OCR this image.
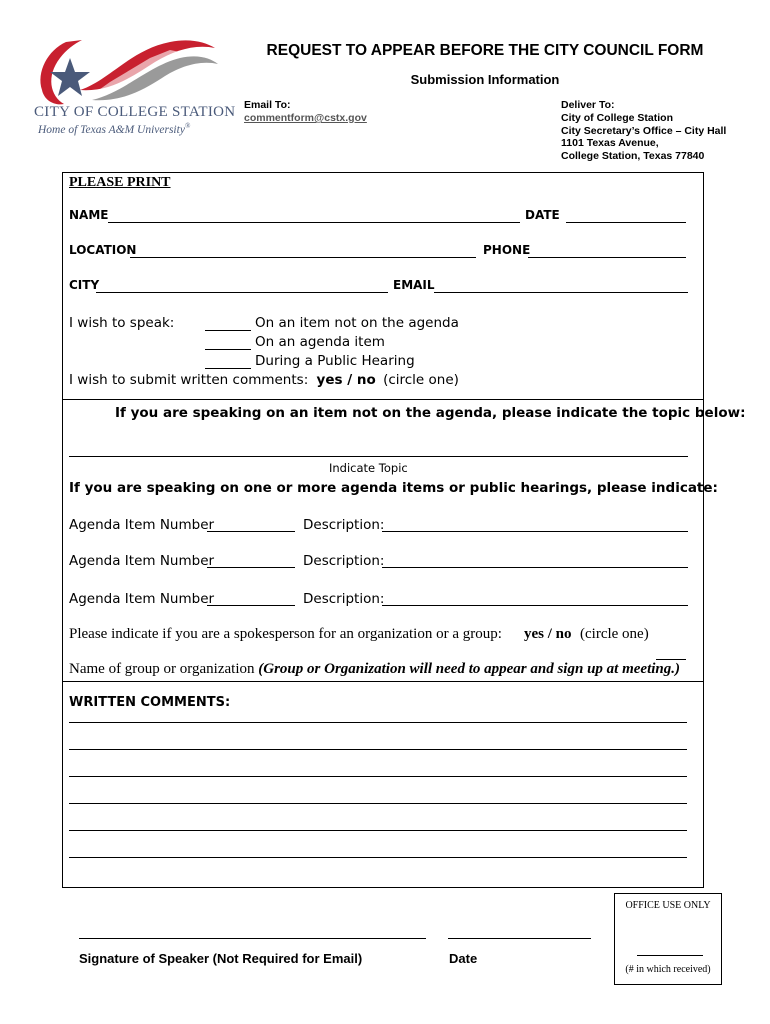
CITY OF COLLEGE STATION
Home of Texas A&M University®
REQUEST TO APPEAR BEFORE THE CITY COUNCIL FORM
Submission Information
Email To:
commentform@cstx.gov
Deliver To:
City of College Station
City Secretary’s Office – City Hall
1101 Texas Avenue,
College Station, Texas 77840
PLEASE PRINT
NAME	DATE
LOCATION	PHONE
CITY	EMAIL
I wish to speak:	On an item not on the agenda
On an agenda item
During a Public Hearing
I wish to submit written comments: yes / no (circle one)
If you are speaking on an item not on the agenda, please indicate the topic below:
Indicate Topic
If you are speaking on one or more agenda items or public hearings, please indicate:
Agenda Item Number	Description:
Agenda Item Number	Description:
Agenda Item Number	Description:
Please indicate if you are a spokesperson for an organization or a group: yes / no (circle one)
Name of group or organization (Group or Organization will need to appear and sign up at meeting.)
WRITTEN COMMENTS:
Signature of Speaker (Not Required for Email)	Date
OFFICE USE ONLY
(# in which received)
